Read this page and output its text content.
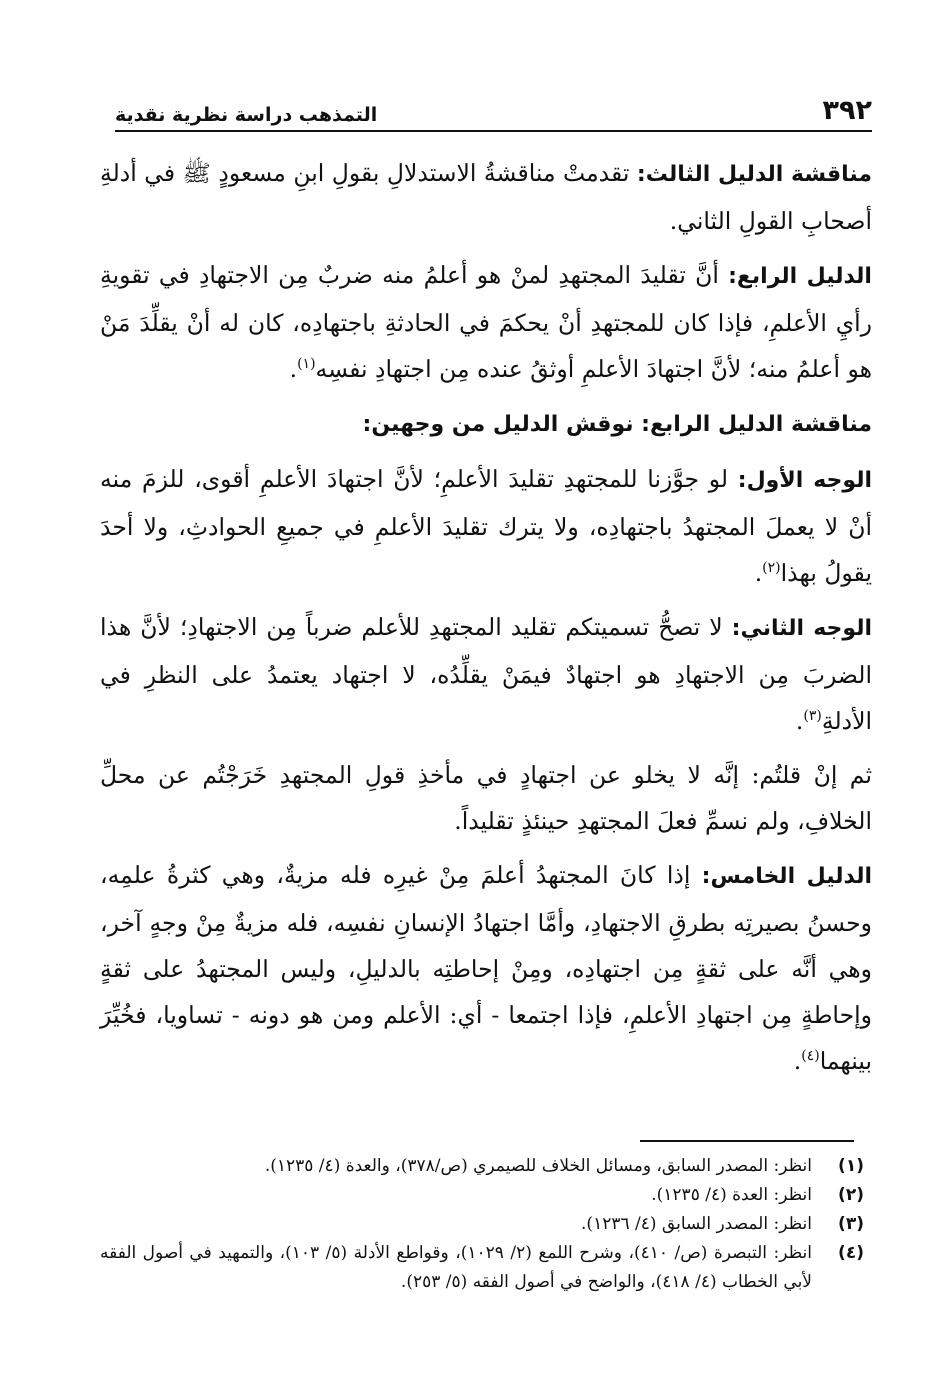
٣٩٢
التمذهب دراسة نظرية نقدية

مناقشة الدليل الثالث: تقدمتْ مناقشةُ الاستدلالِ بقولِ ابنِ مسعودٍ ﷺ في أدلةِ أصحابِ القولِ الثاني.

الدليل الرابع: أنَّ تقليدَ المجتهدِ لمنْ هو أعلمُ منه ضربٌ مِن الاجتهادِ في تقويةِ رأيِ الأعلمِ، فإذا كان للمجتهدِ أنْ يحكمَ في الحادثةِ باجتهادِه، كان له أنْ يقلِّدَ مَنْ هو أعلمُ منه؛ لأنَّ اجتهادَ الأعلمِ أوثقُ عنده مِن اجتهادِ نفسِه$^{(١)}$.

مناقشة الدليل الرابع: نوقش الدليل من وجهين:

الوجه الأول: لو جوَّزنا للمجتهدِ تقليدَ الأعلمِ؛ لأنَّ اجتهادَ الأعلمِ أقوى، للزمَ منه أنْ لا يعملَ المجتهدُ باجتهادِه، ولا يترك تقليدَ الأعلمِ في جميعِ الحوادثِ، ولا أحدَ يقولُ بهذا$^{(٢)}$.

الوجه الثاني: لا تصحُّ تسميتكم تقليد المجتهدِ للأعلم ضرباً مِن الاجتهادِ؛ لأنَّ هذا الضربَ مِن الاجتهادِ هو اجتهادٌ فيمَنْ يقلِّدُه، لا اجتهاد يعتمدُ على النظرِ في الأدلةِ$^{(٣)}$.

ثم إنْ قلتُم: إنَّه لا يخلو عن اجتهادٍ في مأخذِ قولِ المجتهدِ خَرَجْتُم عن محلِّ الخلافِ، ولم نسمِّ فعلَ المجتهدِ حينئذٍ تقليداً.

الدليل الخامس: إذا كانَ المجتهدُ أعلمَ مِنْ غيرِه فله مزيةٌ، وهي كثرةُ علمِه، وحسنُ بصيرتِه بطرقِ الاجتهادِ، وأمَّا اجتهادُ الإنسانِ نفسِه، فله مزيةٌ مِنْ وجهٍ آخر، وهي أنَّه على ثقةٍ مِن اجتهادِه، ومِنْ إحاطتِه بالدليلِ، وليس المجتهدُ على ثقةٍ وإحاطةٍ مِن اجتهادِ الأعلمِ، فإذا اجتمعا - أي: الأعلم ومن هو دونه - تساويا، فخُيِّرَ بينهما$^{(٤)}$.

(١)
انظر: المصدر السابق، ومسائل الخلاف للصيمري (ص/٣٧٨)، والعدة (٤/ ١٢٣٥).
(٢)
انظر: العدة (٤/ ١٢٣٥).
(٣)
انظر: المصدر السابق (٤/ ١٢٣٦).
(٤)
انظر: التبصرة (ص/ ٤١٠)، وشرح اللمع (٢/ ١٠٢٩)، وقواطع الأدلة (٥/ ١٠٣)، والتمهيد في أصول الفقه لأبي الخطاب (٤/ ٤١٨)، والواضح في أصول الفقه (٥/ ٢٥٣).
